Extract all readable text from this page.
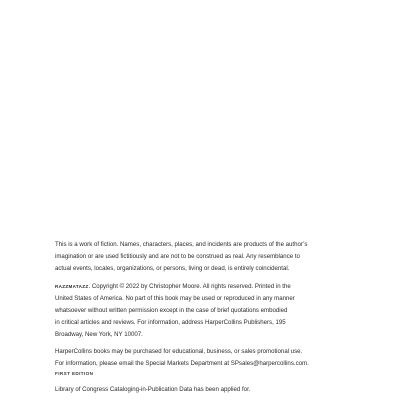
This is a work of fiction. Names, characters, places, and incidents are products of the author’s
imagination or are used fictitiously and are not to be construed as real. Any resemblance to
actual events, locales, organizations, or persons, living or dead, is entirely coincidental.

RAZZMATAZZ. Copyright © 2022 by Christopher Moore. All rights reserved. Printed in the
United States of America. No part of this book may be used or reproduced in any manner
whatsoever without written permission except in the case of brief quotations embodied
in critical articles and reviews. For information, address HarperCollins Publishers, 195
Broadway, New York, NY 10007.

HarperCollins books may be purchased for educational, business, or sales promotional use.
For information, please email the Special Markets Department at SPsales@harpercollins.com.

FIRST EDITION

Library of Congress Cataloging-in-Publication Data has been applied for.
